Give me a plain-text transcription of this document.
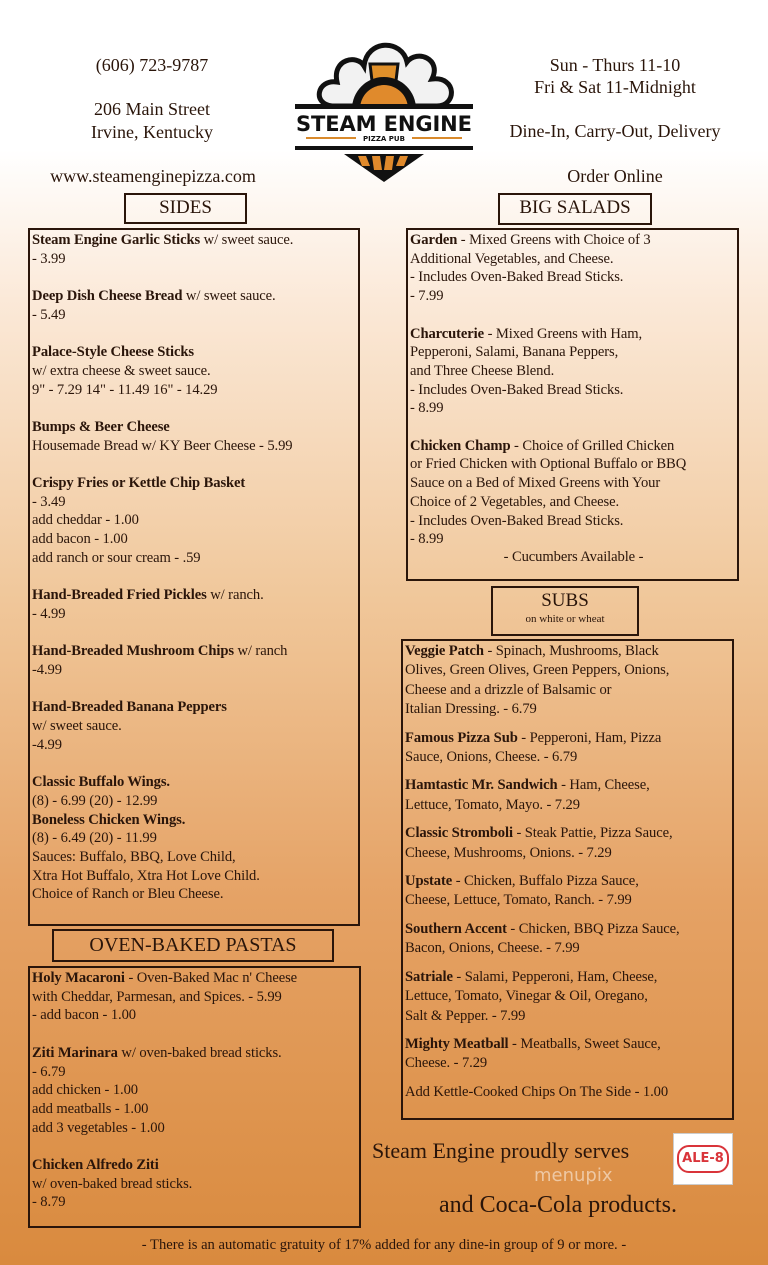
(606) 723-9787
206 Main Street
Irvine, Kentucky
www.steamenginepizza.com
Sun - Thurs 11-10
Fri & Sat 11-Midnight
Dine-In, Carry-Out, Delivery
Order Online
STEAM ENGINE
PIZZA PUB
SIDES
Steam Engine Garlic Sticks w/ sweet sauce.
- 3.99
Deep Dish Cheese Bread w/ sweet sauce.
- 5.49
Palace-Style Cheese Sticks
w/ extra cheese & sweet sauce.
9" - 7.29 14" - 11.49 16" - 14.29
Bumps & Beer Cheese
Housemade Bread w/ KY Beer Cheese - 5.99
Crispy Fries or Kettle Chip Basket
- 3.49
add cheddar - 1.00
add bacon - 1.00
add ranch or sour cream - .59
Hand-Breaded Fried Pickles w/ ranch.
- 4.99
Hand-Breaded Mushroom Chips w/ ranch
-4.99
Hand-Breaded Banana Peppers
w/ sweet sauce.
-4.99
Classic Buffalo Wings.
(8) - 6.99 (20) - 12.99
Boneless Chicken Wings.
(8) - 6.49 (20) - 11.99
Sauces: Buffalo, BBQ, Love Child,
Xtra Hot Buffalo, Xtra Hot Love Child.
Choice of Ranch or Bleu Cheese.
OVEN-BAKED PASTAS
Holy Macaroni - Oven-Baked Mac n' Cheese
with Cheddar, Parmesan, and Spices. - 5.99
- add bacon - 1.00
Ziti Marinara w/ oven-baked bread sticks.
- 6.79
add chicken - 1.00
add meatballs - 1.00
add 3 vegetables - 1.00
Chicken Alfredo Ziti
w/ oven-baked bread sticks.
- 8.79
BIG SALADS
Garden - Mixed Greens with Choice of 3
Additional Vegetables, and Cheese.
- Includes Oven-Baked Bread Sticks.
- 7.99
Charcuterie - Mixed Greens with Ham,
Pepperoni, Salami, Banana Peppers,
and Three Cheese Blend.
- Includes Oven-Baked Bread Sticks.
- 8.99
Chicken Champ - Choice of Grilled Chicken
or Fried Chicken with Optional Buffalo or BBQ
Sauce on a Bed of Mixed Greens with Your
Choice of 2 Vegetables, and Cheese.
- Includes Oven-Baked Bread Sticks.
- 8.99
- Cucumbers Available -
SUBS
on white or wheat
Veggie Patch - Spinach, Mushrooms, Black
Olives, Green Olives, Green Peppers, Onions,
Cheese and a drizzle of Balsamic or
Italian Dressing. - 6.79
Famous Pizza Sub - Pepperoni, Ham, Pizza
Sauce, Onions, Cheese. - 6.79
Hamtastic Mr. Sandwich - Ham, Cheese,
Lettuce, Tomato, Mayo. - 7.29
Classic Stromboli - Steak Pattie, Pizza Sauce,
Cheese, Mushrooms, Onions. - 7.29
Upstate - Chicken, Buffalo Pizza Sauce,
Cheese, Lettuce, Tomato, Ranch. - 7.99
Southern Accent - Chicken, BBQ Pizza Sauce,
Bacon, Onions, Cheese. - 7.99
Satriale - Salami, Pepperoni, Ham, Cheese,
Lettuce, Tomato, Vinegar & Oil, Oregano,
Salt & Pepper. - 7.99
Mighty Meatball - Meatballs, Sweet Sauce,
Cheese. - 7.29
Add Kettle-Cooked Chips On The Side - 1.00
Steam Engine proudly serves
menupix
and Coca-Cola products.
ALE-8
- There is an automatic gratuity of 17% added for any dine-in group of 9 or more. -
